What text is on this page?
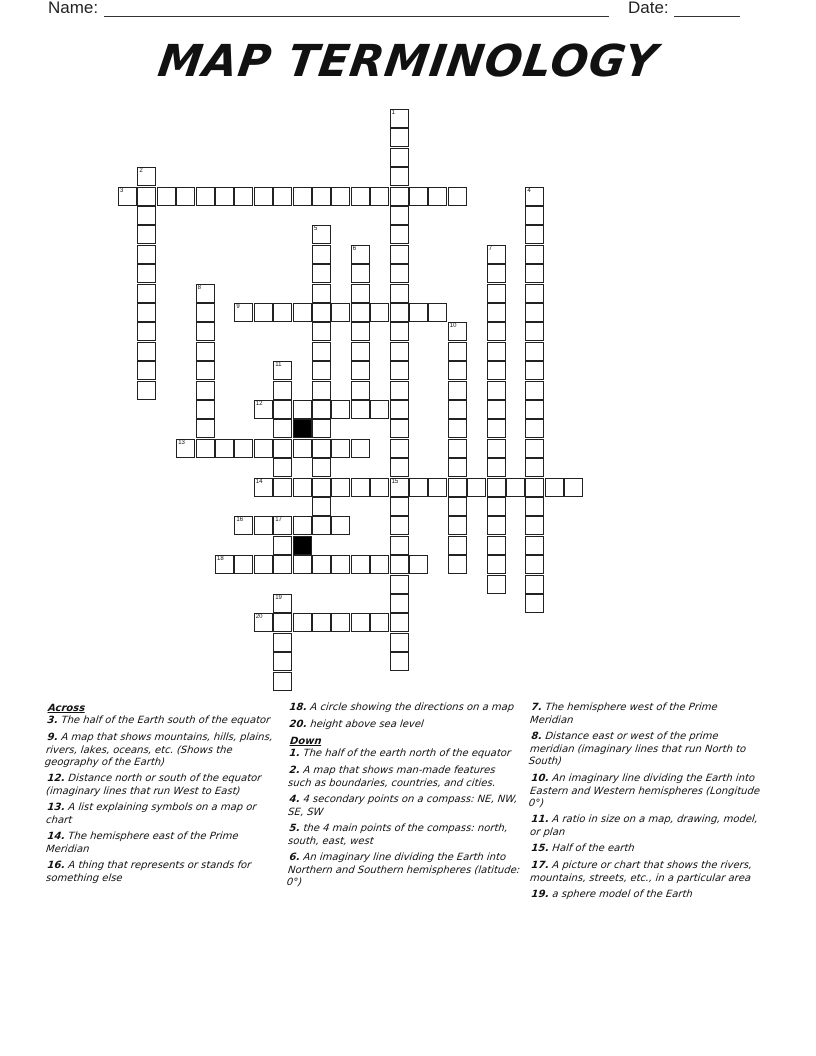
Name:	Date:
MAP TERMINOLOGY
1
15
2
3	4
5
6	7
8
9
10
11
12
13
14
16	17
18
19
20
Across
3. The half of the Earth south of the equator
9. A map that shows mountains, hills, plains, rivers, lakes, oceans, etc. (Shows the geography of the Earth)
12. Distance north or south of the equator (imaginary lines that run West to East)
13. A list explaining symbols on a map or chart
14. The hemisphere east of the Prime Meridian
16. A thing that represents or stands for something else
18. A circle showing the directions on a map
20. height above sea level
Down
1. The half of the earth north of the equator
2. A map that shows man-made features such as boundaries, countries, and cities.
4. 4 secondary points on a compass: NE, NW, SE, SW
5. the 4 main points of the compass: north, south, east, west
6. An imaginary line dividing the Earth into Northern and Southern hemispheres (latitude: 0°)
7. The hemisphere west of the Prime Meridian
8. Distance east or west of the prime meridian (imaginary lines that run North to South)
10. An imaginary line dividing the Earth into Eastern and Western hemispheres (Longitude 0°)
11. A ratio in size on a map, drawing, model, or plan
15. Half of the earth
17. A picture or chart that shows the rivers, mountains, streets, etc., in a particular area
19. a sphere model of the Earth
